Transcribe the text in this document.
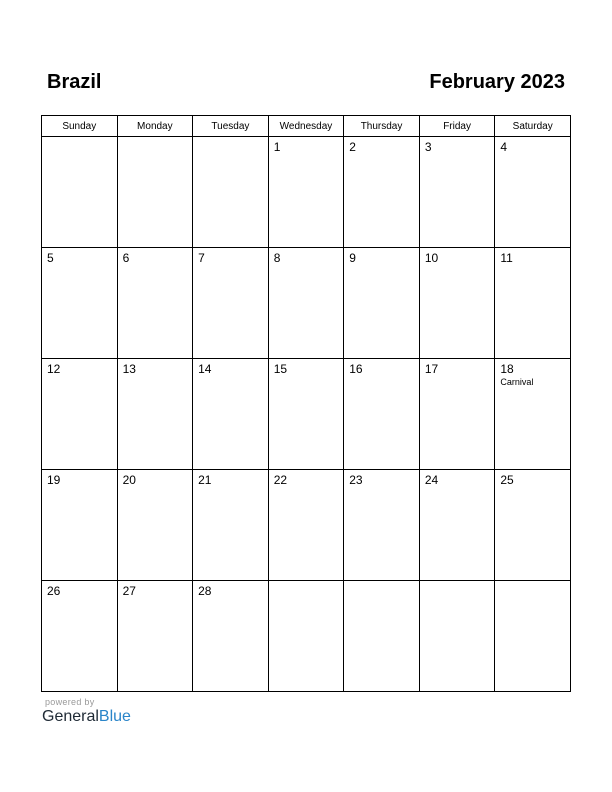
Brazil	February 2023
Sunday	Monday	Tuesday	Wednesday	Thursday	Friday	Saturday

			1	2	3	4

5	6	7	8	9	10	11

12	13	14	15	16	17	18
Carnival

19	20	21	22	23	24	25

26	27	28				

powered by
GeneralBlue
